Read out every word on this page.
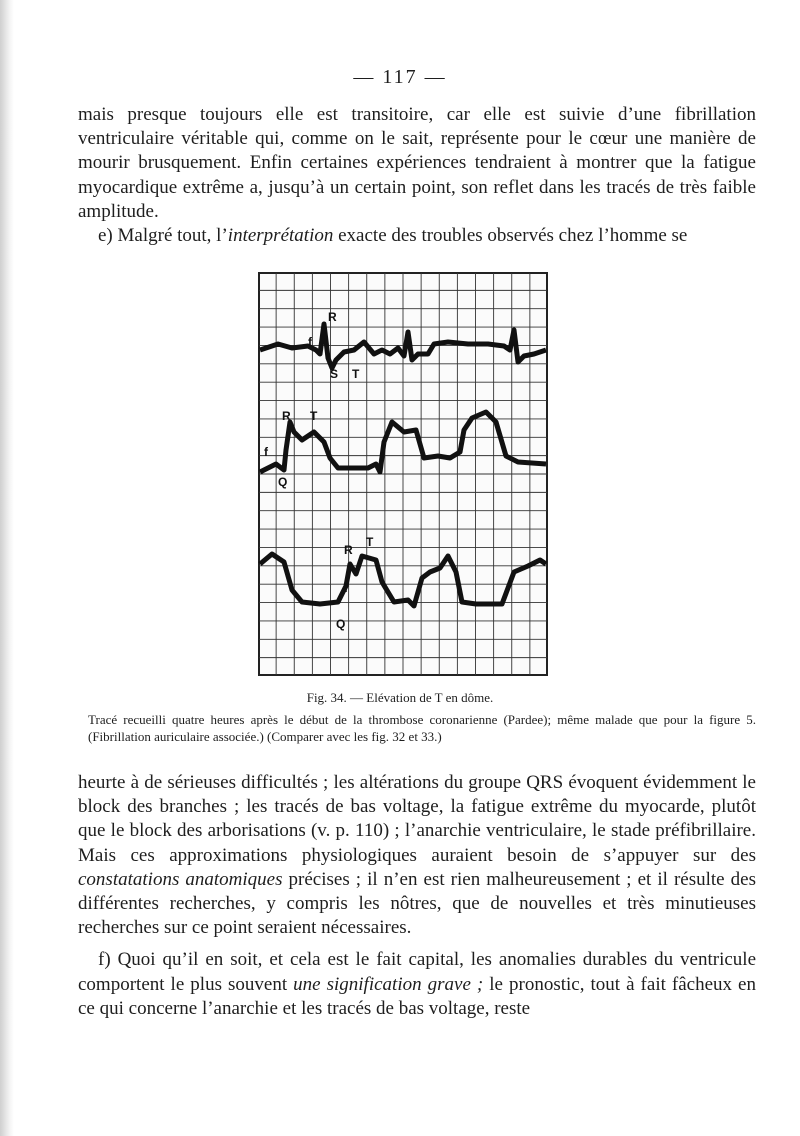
— 117 —

mais presque toujours elle est transitoire, car elle est suivie d’une fibrillation ventriculaire véritable qui, comme on le sait, représente pour le cœur une manière de mourir brusquement. Enfin certaines expériences tendraient à montrer que la fatigue myocardique extrême a, jusqu’à un certain point, son reflet dans les tracés de très faible amplitude.

e) Malgré tout, l’interprétation exacte des troubles observés chez l’homme se

R
f
S T
R T
f
Q
R
T
f
Q
Fig. 34. — Elévation de T en dôme.
Tracé recueilli quatre heures après le début de la thrombose coronarienne (Pardee); même malade que pour la figure 5. (Fibrillation auriculaire associée.) (Comparer avec les fig. 32 et 33.)

heurte à de sérieuses difficultés ; les altérations du groupe QRS évoquent évidemment le block des branches ; les tracés de bas voltage, la fatigue extrême du myocarde, plutôt que le block des arborisations (v. p. 110) ; l’anarchie ventriculaire, le stade préfibrillaire. Mais ces approximations physiologiques auraient besoin de s’appuyer sur des constatations anatomiques précises ; il n’en est rien malheureusement ; et il résulte des différentes recherches, y compris les nôtres, que de nouvelles et très minutieuses recherches sur ce point seraient nécessaires.

f) Quoi qu’il en soit, et cela est le fait capital, les anomalies durables du ventricule comportent le plus souvent une signification grave ; le pronostic, tout à fait fâcheux en ce qui concerne l’anarchie et les tracés de bas voltage, reste
